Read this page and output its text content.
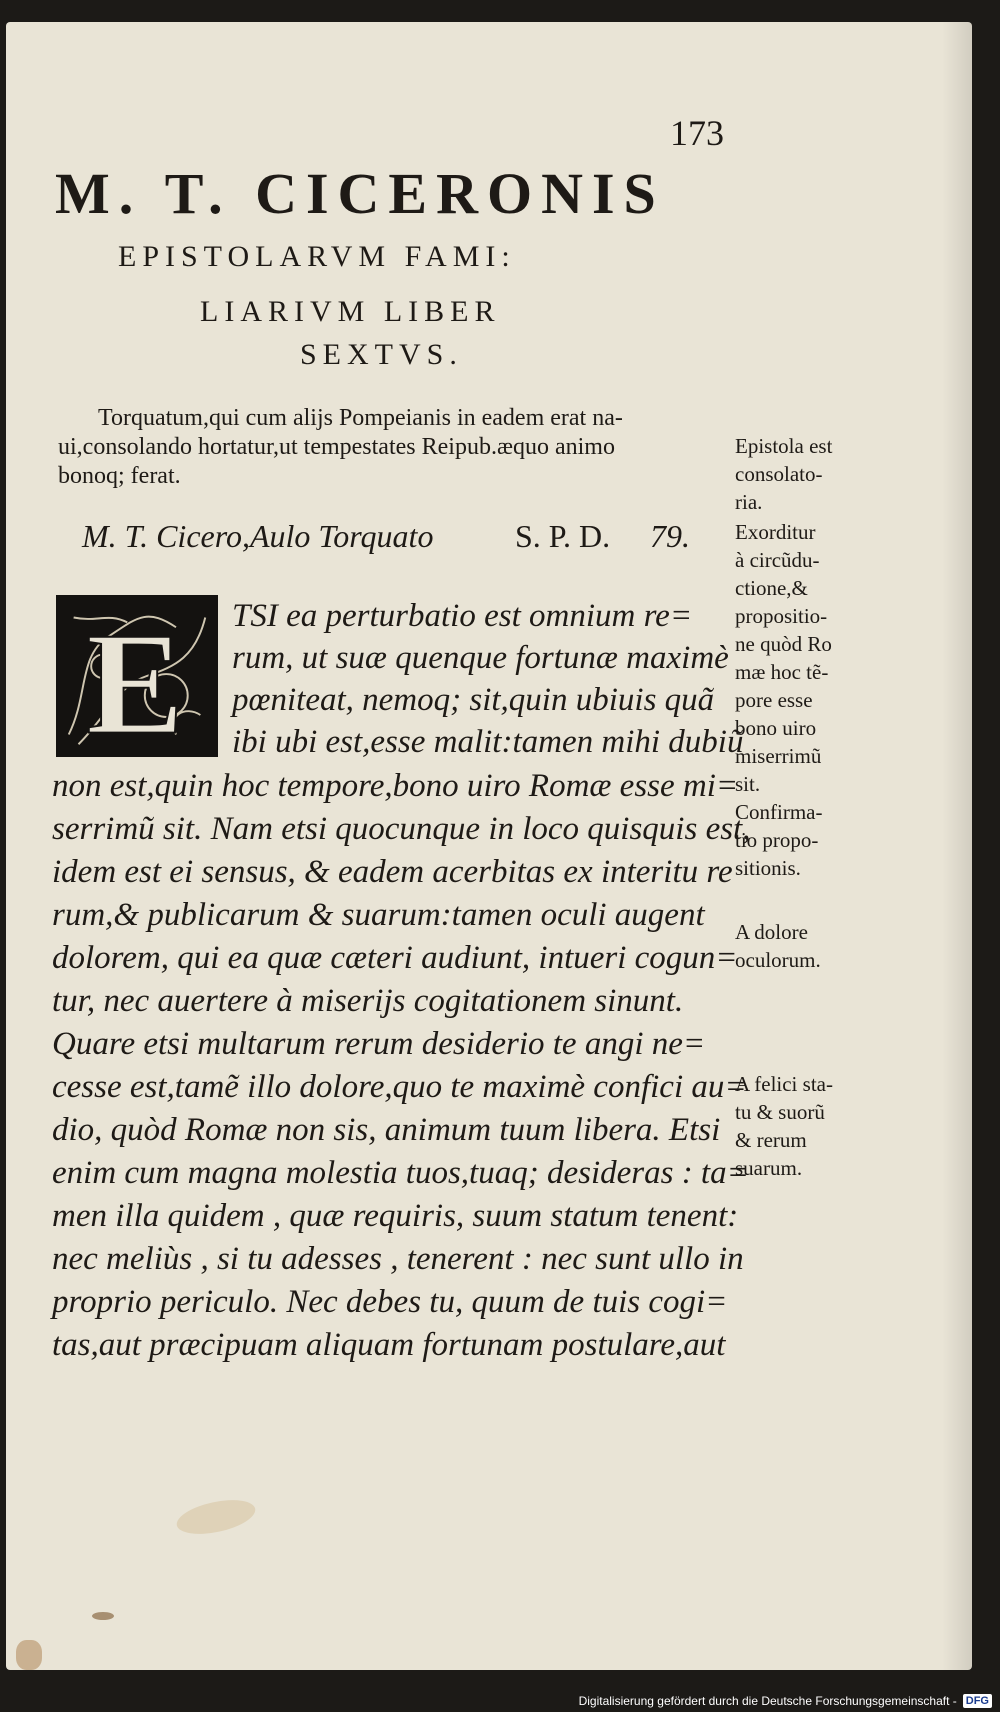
173
M. T. CICERONIS
EPISTOLARVM FAMI:
LIARIVM LIBER
SEXTVS.
Torquatum,qui cum alijs Pompeianis in eadem erat na-
ui,consolando hortatur,ut tempestates Reipub.æquo animo
bonoq; ferat.
M. T. Cicero,Aulo Torquato	S. P. D. 79.
E TSI ea perturbatio est omnium re=
rum, ut suæ quenque fortunæ maximè
pœniteat, nemoq; sit,quin ubiuis quã
ibi ubi est,esse malit:tamen mihi dubiũ
non est,quin hoc tempore,bono uiro Romæ esse mi=
serrimũ sit. Nam etsi quocunque in loco quisquis est,
idem est ei sensus, & eadem acerbitas ex interitu re
rum,& publicarum & suarum:tamen oculi augent
dolorem, qui ea quæ cæteri audiunt, intueri cogun=
tur, nec auertere à miserijs cogitationem sinunt.
Quare etsi multarum rerum desiderio te angi ne=
cesse est,tamẽ illo dolore,quo te maximè confici au=
dio, quòd Romæ non sis, animum tuum libera. Etsi
enim cum magna molestia tuos,tuaq; desideras : ta=
men illa quidem , quæ requiris, suum statum tenent:
nec meliùs , si tu adesses , tenerent : nec sunt ullo in
proprio periculo. Nec debes tu, quum de tuis cogi=
tas,aut præcipuam aliquam fortunam postulare,aut
Epistola est
consolato-
ria.
Exorditur
à circũdu-
ctione,&
propositio-
ne quòd Ro
mæ hoc tẽ-
pore esse
bono uiro
miserrimũ
sit.
Confirma-
tio propo-
sitionis.
A dolore
oculorum.
A felici sta-
tu & suorũ
& rerum
suarum.
Digitalisierung gefördert durch die Deutsche Forschungsgemeinschaft - DFG
